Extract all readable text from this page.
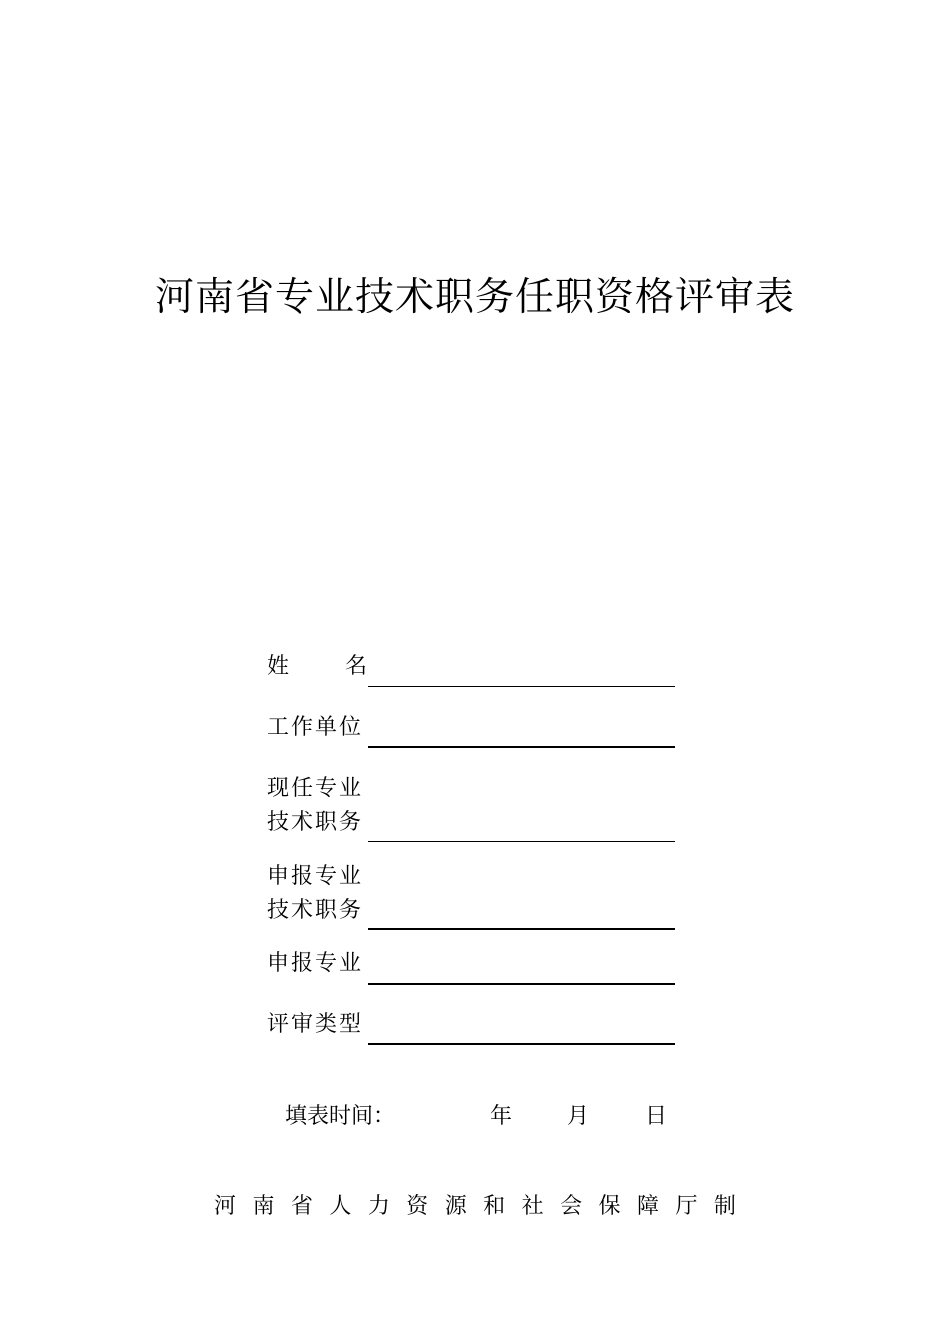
河南省专业技术职务任职资格评审表
姓	名
工作单位
现任专业
技术职务
申报专业
技术职务
申报专业
评审类型
填表时间：	年 月	日
河 南 省 人 力 资 源 和 社 会 保 障 厅 制
